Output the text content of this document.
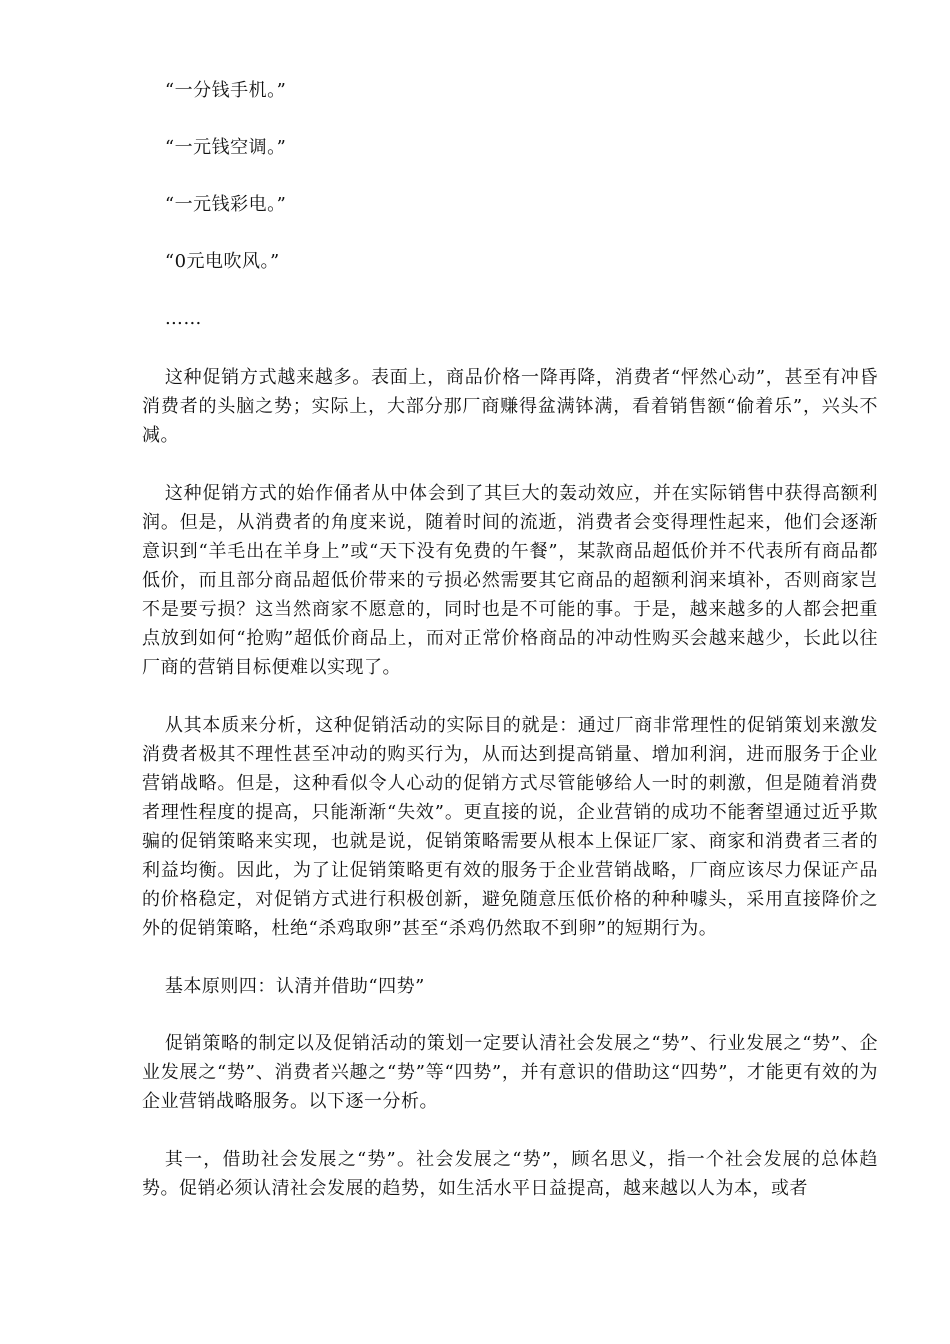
“一分钱手机。”

“一元钱空调。”

“一元钱彩电。”

“0元电吹风。”

……

这种促销方式越来越多。表面上，商品价格一降再降，消费者“怦然心动”，甚至有冲昏消费者的头脑之势；实际上，大部分那厂商赚得盆满钵满，看着销售额“偷着乐”，兴头不减。

这种促销方式的始作俑者从中体会到了其巨大的轰动效应，并在实际销售中获得高额利润。但是，从消费者的角度来说，随着时间的流逝，消费者会变得理性起来，他们会逐渐意识到“羊毛出在羊身上”或“天下没有免费的午餐”，某款商品超低价并不代表所有商品都低价，而且部分商品超低价带来的亏损必然需要其它商品的超额利润来填补，否则商家岂不是要亏损？这当然商家不愿意的，同时也是不可能的事。于是，越来越多的人都会把重点放到如何“抢购”超低价商品上，而对正常价格商品的冲动性购买会越来越少，长此以往厂商的营销目标便难以实现了。

从其本质来分析，这种促销活动的实际目的就是：通过厂商非常理性的促销策划来激发消费者极其不理性甚至冲动的购买行为，从而达到提高销量、增加利润，进而服务于企业营销战略。但是，这种看似令人心动的促销方式尽管能够给人一时的刺激，但是随着消费者理性程度的提高，只能渐渐“失效”。更直接的说，企业营销的成功不能奢望通过近乎欺骗的促销策略来实现，也就是说，促销策略需要从根本上保证厂家、商家和消费者三者的利益均衡。因此，为了让促销策略更有效的服务于企业营销战略，厂商应该尽力保证产品的价格稳定，对促销方式进行积极创新，避免随意压低价格的种种噱头，采用直接降价之外的促销策略，杜绝“杀鸡取卵”甚至“杀鸡仍然取不到卵”的短期行为。

基本原则四：认清并借助“四势”

促销策略的制定以及促销活动的策划一定要认清社会发展之“势”、行业发展之“势”、企业发展之“势”、消费者兴趣之“势”等“四势”，并有意识的借助这“四势”，才能更有效的为企业营销战略服务。以下逐一分析。

其一，借助社会发展之“势”。社会发展之“势”，顾名思义，指一个社会发展的总体趋势。促销必须认清社会发展的趋势，如生活水平日益提高，越来越以人为本，或者
